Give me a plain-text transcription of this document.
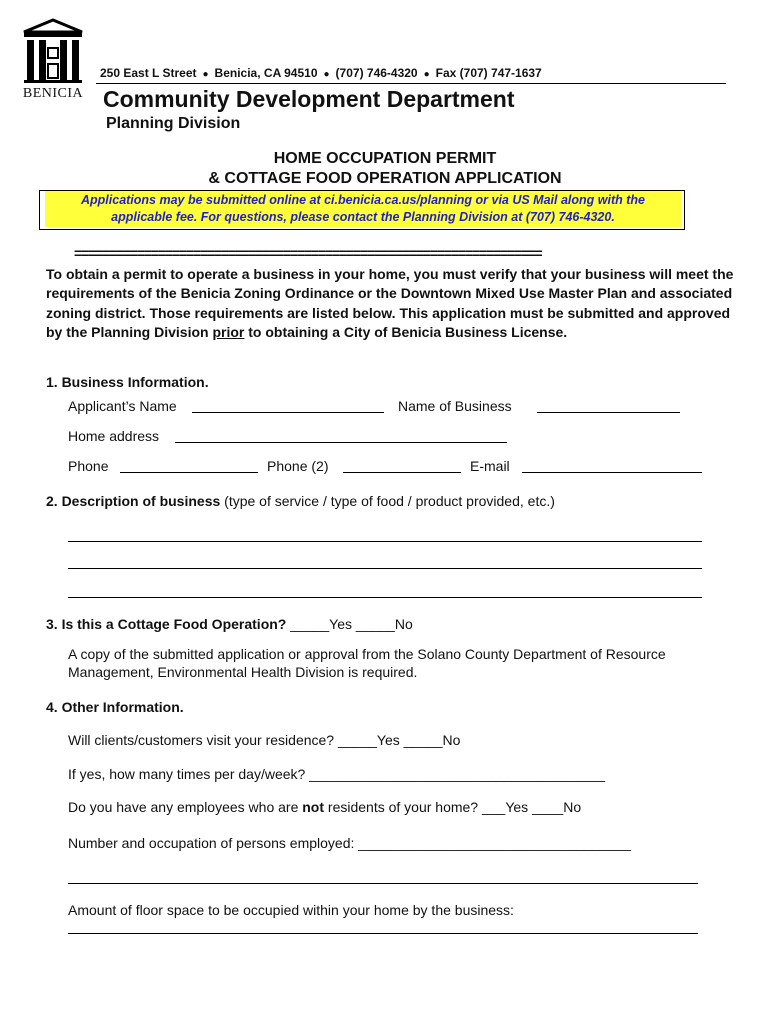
BENICIA
250 East L Street ● Benicia, CA 94510 ● (707) 746-4320 ● Fax (707) 747-1637
Community Development Department
Planning Division
HOME OCCUPATION PERMIT
& COTTAGE FOOD OPERATION APPLICATION
Applications may be submitted online at ci.benicia.ca.us/planning or via US Mail along with the
applicable fee. For questions, please contact the Planning Division at (707) 746-4320.
===================================================================
To obtain a permit to operate a business in your home, you must verify that your business will meet the requirements of the Benicia Zoning Ordinance or the Downtown Mixed Use Master Plan and associated zoning district. Those requirements are listed below. This application must be submitted and approved by the Planning Division prior to obtaining a City of Benicia Business License.
1. Business Information.
Applicant’s Name	Name of Business
Home address
Phone	Phone (2)	E-mail
2. Description of business (type of service / type of food / product provided, etc.)
3. Is this a Cottage Food Operation? _____Yes _____No
A copy of the submitted application or approval from the Solano County Department of Resource Management, Environmental Health Division is required.
4. Other Information.
Will clients/customers visit your residence? _____Yes _____No
If yes, how many times per day/week? ______________________________________
Do you have any employees who are not residents of your home? ___Yes ____No
Number and occupation of persons employed: ___________________________________
Amount of floor space to be occupied within your home by the business:
